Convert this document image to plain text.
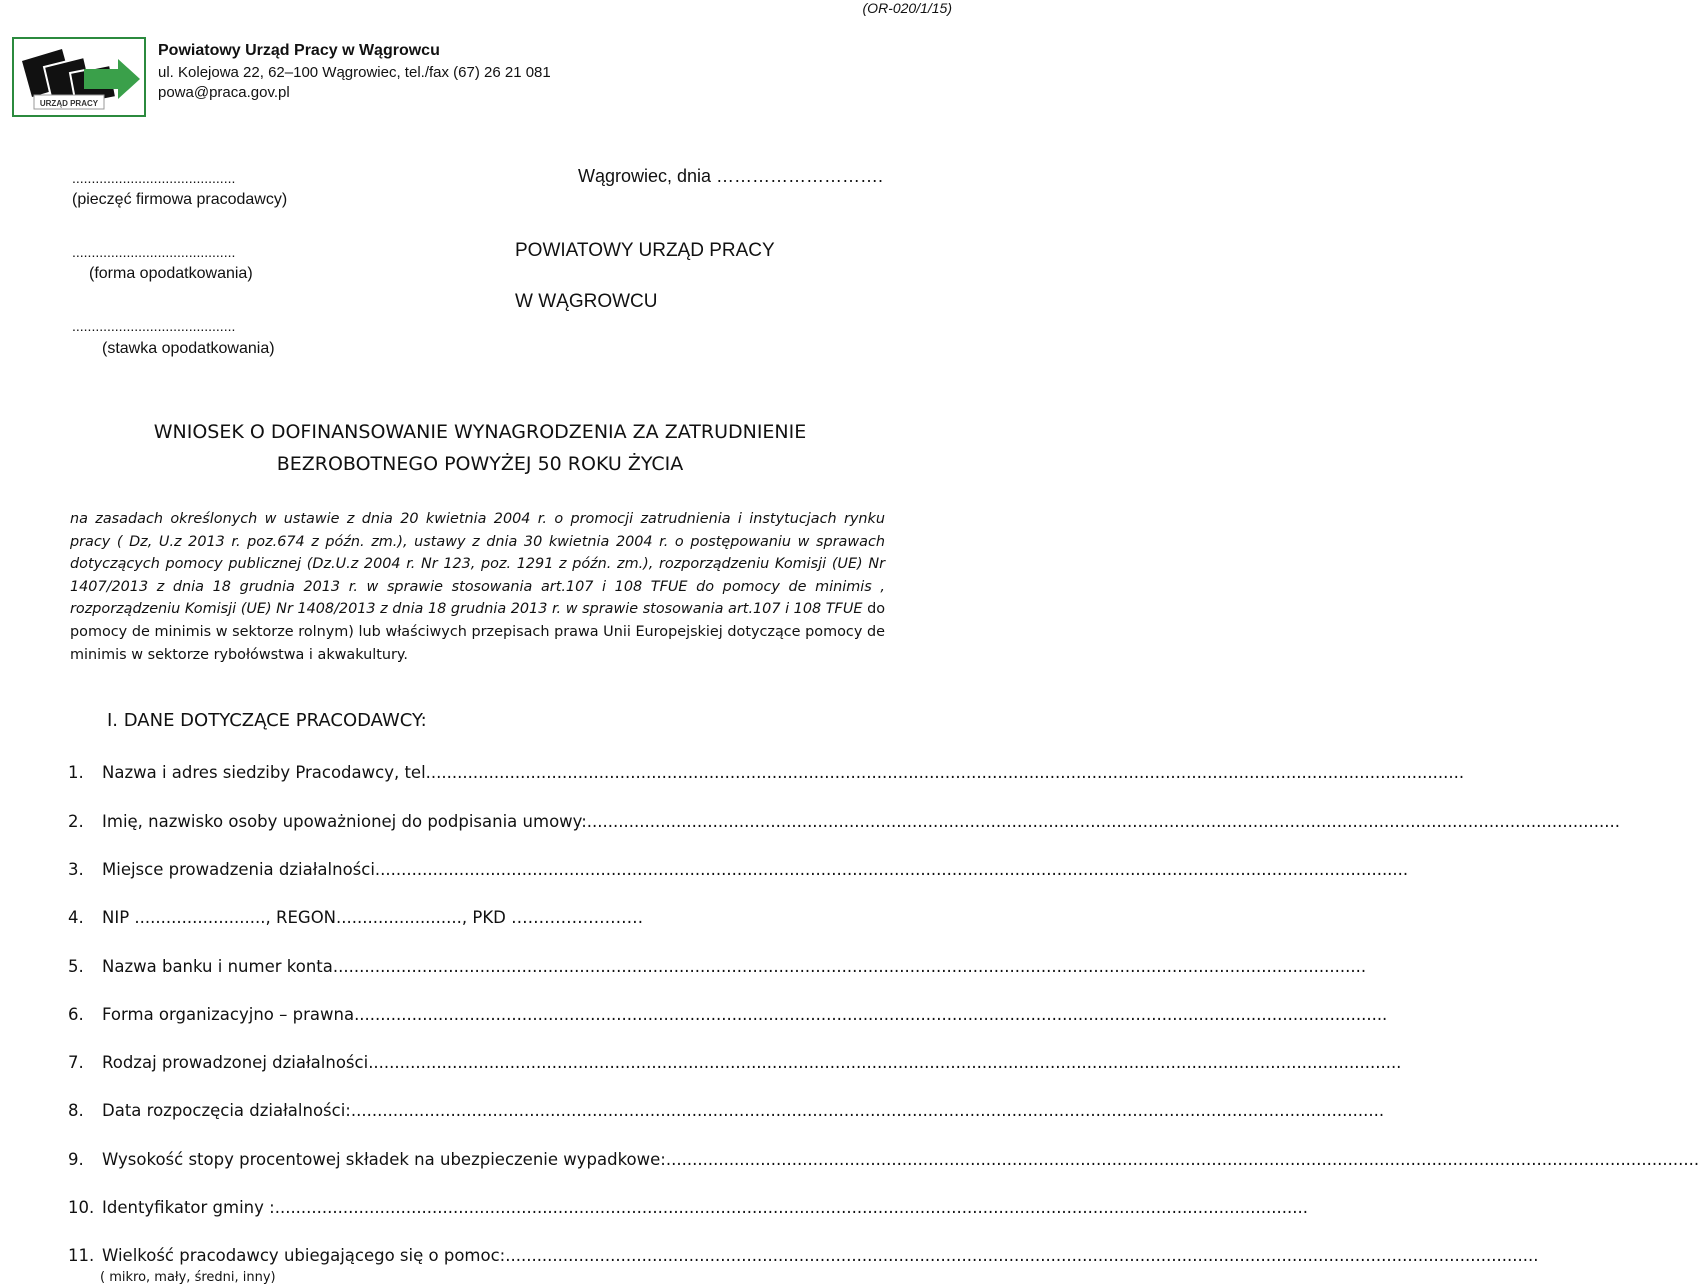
(OR-020/1/15)
URZĄD PRACY
Powiatowy Urząd Pracy w Wągrowcu
ul. Kolejowa 22, 62–100 Wągrowiec, tel./fax (67) 26 21 081
powa@praca.gov.pl
..........................................
(pieczęć firmowa pracodawcy)
..........................................
(forma opodatkowania)
..........................................
(stawka opodatkowania)
Wągrowiec, dnia ……………………….
POWIATOWY URZĄD PRACY
W WĄGROWCU
WNIOSEK O DOFINANSOWANIE WYNAGRODZENIA ZA ZATRUDNIENIE
BEZROBOTNEGO POWYŻEJ 50 ROKU ŻYCIA
na zasadach określonych w ustawie z dnia 20 kwietnia 2004 r. o promocji zatrudnienia i instytucjach rynku pracy ( Dz, U.z 2013 r. poz.674 z późn. zm.), ustawy z dnia 30 kwietnia 2004 r. o postępowaniu w sprawach dotyczących pomocy publicznej (Dz.U.z 2004 r. Nr 123, poz. 1291 z późn. zm.), rozporządzeniu Komisji (UE) Nr 1407/2013 z dnia 18 grudnia 2013 r. w sprawie stosowania art.107 i 108 TFUE do pomocy de minimis , rozporządzeniu Komisji (UE) Nr 1408/2013 z dnia 18 grudnia 2013 r. w sprawie stosowania art.107 i 108 TFUE do pomocy de minimis w sektorze rolnym) lub właściwych przepisach prawa Unii Europejskiej dotyczące pomocy de minimis w sektorze rybołówstwa i akwakultury.
I. DANE DOTYCZĄCE PRACODAWCY:
1.	Nazwa i adres siedziby Pracodawcy, tel. .....................................................................................................................................................................................................
2.	Imię, nazwisko osoby upoważnionej do podpisania umowy: .....................................................................................................................................................................................................
3.	Miejsce prowadzenia działalności .....................................................................................................................................................................................................
4.	NIP ........................., REGON........................, PKD ……………………
5.	Nazwa banku i numer konta .....................................................................................................................................................................................................
6.	Forma organizacyjno – prawna .....................................................................................................................................................................................................
7.	Rodzaj prowadzonej działalności .....................................................................................................................................................................................................
8.	Data rozpoczęcia działalności: .....................................................................................................................................................................................................
9.	Wysokość stopy procentowej składek na ubezpieczenie wypadkowe: .....................................................................................................................................................................................................
10. Identyfikator gminy : .....................................................................................................................................................................................................
11. Wielkość pracodawcy ubiegającego się o pomoc: .....................................................................................................................................................................................................
( mikro, mały, średni, inny)
